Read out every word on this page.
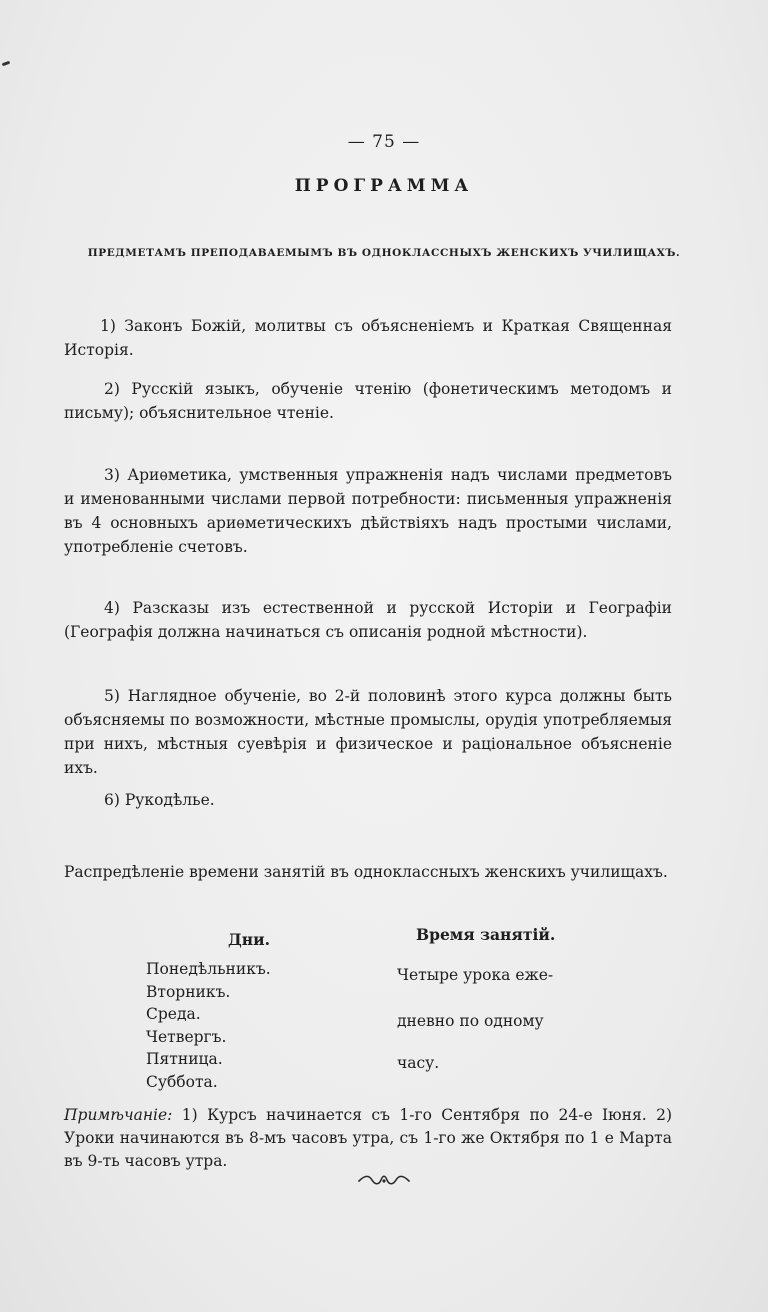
— 75 —
ПРОГРАММА
ПРЕДМЕТАМЪ ПРЕПОДАВАЕМЫМЪ ВЪ ОДНОКЛАССНЫХЪ ЖЕНСКИХЪ УЧИЛИЩАХЪ.

1) Законъ Божій, молитвы съ объясненіемъ и Краткая Священная Исторія.

2) Русскій языкъ, обученіе чтенію (фонетическимъ методомъ и письму); объяснительное чтеніе.

3) Ариѳметика, умственныя упражненія надъ числами предметовъ и именованными числами первой потребности: письменныя упражненія въ 4 основныхъ ариѳметическихъ дѣйствіяхъ надъ простыми числами, употребленіе счетовъ.

4) Разсказы изъ естественной и русской Исторіи и Географіи (Географія должна начинаться съ описанія родной мѣстности).

5) Наглядное обученіе, во 2-й половинѣ этого курса должны быть объясняемы по возможности, мѣстные промыслы, орудія употребляемыя при нихъ, мѣстныя суевѣрія и физическое и раціональное объясненіе ихъ.

6) Рукодѣлье.

Распредѣленіе времени занятій въ одноклассныхъ женскихъ училищахъ.

Дни.	Время занятій.
Понедѣльникъ.
Вторникъ.
Среда.
Четвергъ.
Пятница.
Суббота.
Четыре урока еже-
дневно по одному
часу.

Примѣчаніе: 1) Курсъ начинается съ 1-го Сентября по 24-е Іюня. 2) Уроки начинаются въ 8-мъ часовъ утра, съ 1-го же Октября по 1 е Марта въ 9-ть часовъ утра.
